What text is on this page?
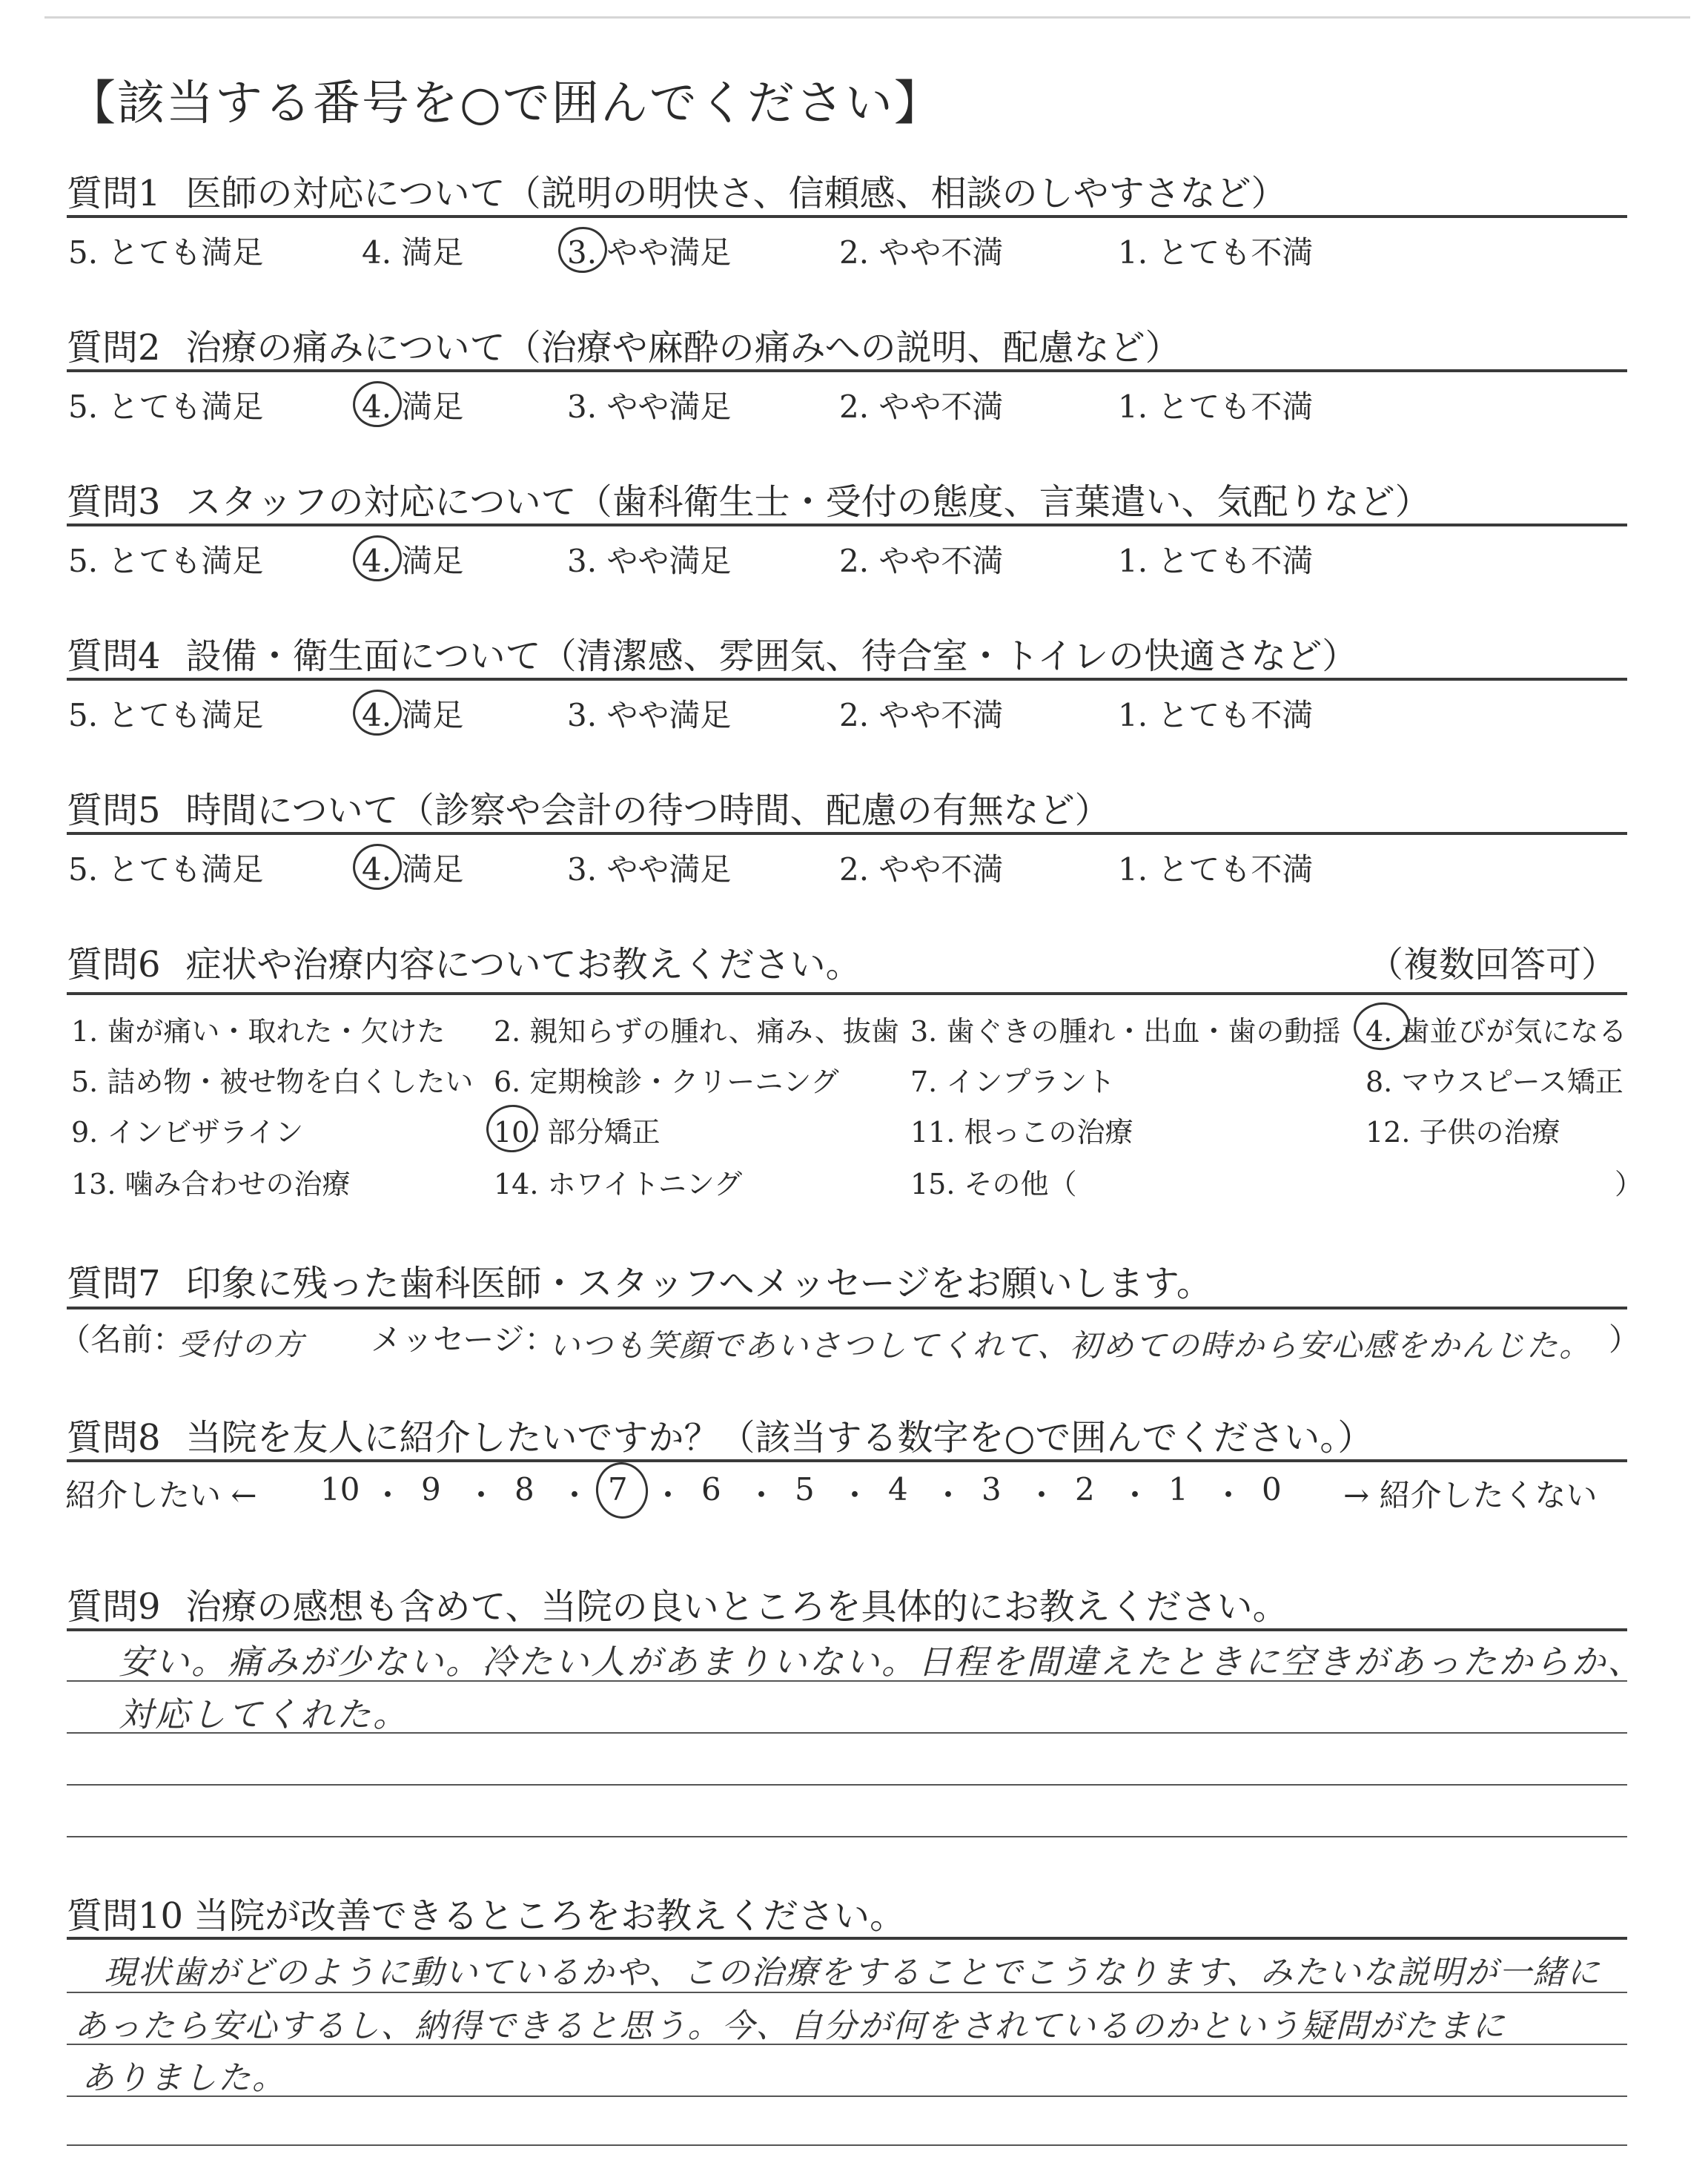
【該当する番号を○で囲んでください】
質問1 医師の対応について（説明の明快さ、信頼感、相談のしやすさなど）
5. とても満足	4. 満足	3. やや満足	2. やや不満	1. とても不満
質問2 治療の痛みについて（治療や麻酔の痛みへの説明、配慮など）
5. とても満足	4. 満足	3. やや満足	2. やや不満	1. とても不満
質問3 スタッフの対応について（歯科衛生士・受付の態度、言葉遣い、気配りなど）
5. とても満足	4. 満足	3. やや満足	2. やや不満	1. とても不満
質問4 設備・衛生面について（清潔感、雰囲気、待合室・トイレの快適さなど）
5. とても満足	4. 満足	3. やや満足	2. やや不満	1. とても不満
質問5 時間について（診察や会計の待つ時間、配慮の有無など）
5. とても満足	4. 満足	3. やや満足	2. やや不満	1. とても不満
質問6 症状や治療内容についてお教えください。	（複数回答可）
1. 歯が痛い・取れた・欠けた 2. 親知らずの腫れ、痛み、抜歯 3. 歯ぐきの腫れ・出血・歯の動揺 4. 歯並びが気になる
5. 詰め物・被せ物を白くしたい 6. 定期検診・クリーニング	7. インプラント	8. マウスピース矯正
9. インビザライン	10. 部分矯正	11. 根っこの治療	12. 子供の治療
13. 噛み合わせの治療	14. ホワイトニング	15. その他（	）
質問7 印象に残った歯科医師・スタッフへメッセージをお願いします。
（名前：
受付の方 メッセージ：
いつも笑顔であいさつしてくれて、初めての時から安心感をかんじた。 ）
質問8 当院を友人に紹介したいですか？（該当する数字を○で囲んでください。）
紹介したい ← 10 ・ 9 ・ 8 ・ 7 ・ 6 ・ 5 ・ 4 ・ 3 ・ 2 ・ 1 ・ 0 → 紹介したくない
質問9 治療の感想も含めて、当院の良いところを具体的にお教えください。
安い。痛みが少ない。冷たい人があまりいない。日程を間違えたときに空きがあったからか、
対応してくれた。
質問10 当院が改善できるところをお教えください。
現状歯がどのように動いているかや、この治療をすることでこうなります、みたいな説明が一緒に
あったら安心するし、納得できると思う。今、自分が何をされているのかという疑問がたまに
ありました。
